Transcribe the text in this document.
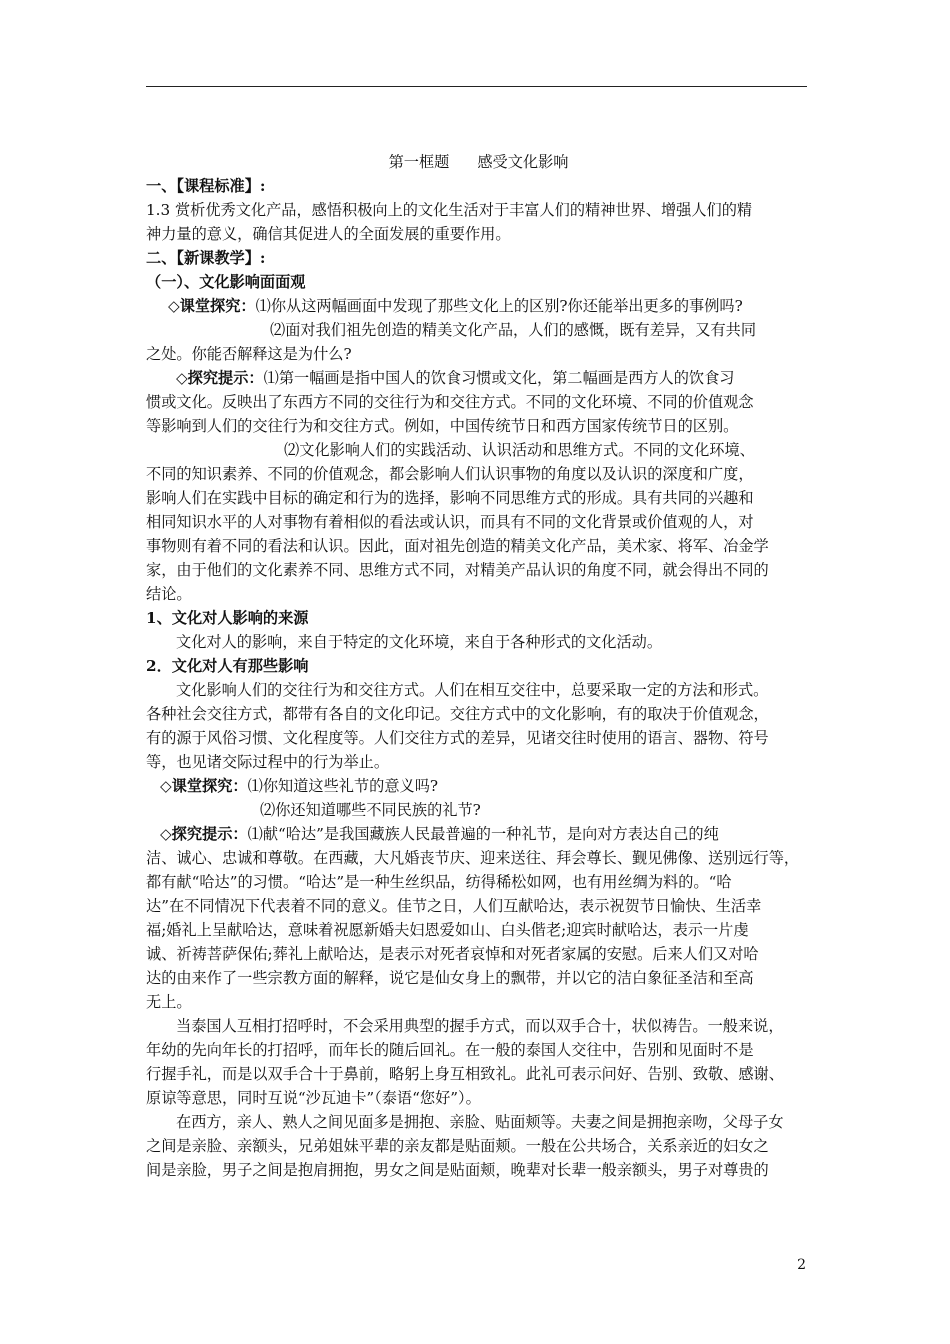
第一框题 感受文化影响
一、【课程标准】:
1.3 赏析优秀文化产品，感悟积极向上的文化生活对于丰富人们的精神世界、增强人们的精
神力量的意义，确信其促进人的全面发展的重要作用。
二、【新课教学】:
（一）、文化影响面面观
◇课堂探究：⑴你从这两幅画面中发现了那些文化上的区别?你还能举出更多的事例吗?
⑵面对我们祖先创造的精美文化产品，人们的感慨，既有差异，又有共同
之处。你能否解释这是为什么?
◇探究提示：⑴第一幅画是指中国人的饮食习惯或文化，第二幅画是西方人的饮食习
惯或文化。反映出了东西方不同的交往行为和交往方式。不同的文化环境、不同的价值观念
等影响到人们的交往行为和交往方式。例如，中国传统节日和西方国家传统节日的区别。
⑵文化影响人们的实践活动、认识活动和思维方式。不同的文化环境、
不同的知识素养、不同的价值观念，都会影响人们认识事物的角度以及认识的深度和广度，
影响人们在实践中目标的确定和行为的选择，影响不同思维方式的形成。具有共同的兴趣和
相同知识水平的人对事物有着相似的看法或认识，而具有不同的文化背景或价值观的人，对
事物则有着不同的看法和认识。因此，面对祖先创造的精美文化产品，美术家、将军、冶金学
家，由于他们的文化素养不同、思维方式不同，对精美产品认识的角度不同，就会得出不同的
结论。
1、文化对人影响的来源
文化对人的影响，来自于特定的文化环境，来自于各种形式的文化活动。
2．文化对人有那些影响
文化影响人们的交往行为和交往方式。人们在相互交往中，总要采取一定的方法和形式。
各种社会交往方式，都带有各自的文化印记。交往方式中的文化影响，有的取决于价值观念，
有的源于风俗习惯、文化程度等。人们交往方式的差异，见诸交往时使用的语言、器物、符号
等，也见诸交际过程中的行为举止。
◇课堂探究：⑴你知道这些礼节的意义吗?
⑵你还知道哪些不同民族的礼节?
◇探究提示：⑴献“哈达”是我国藏族人民最普遍的一种礼节，是向对方表达自己的纯
洁、诚心、忠诚和尊敬。在西藏，大凡婚丧节庆、迎来送往、拜会尊长、觐见佛像、送别远行等，
都有献“哈达”的习惯。“哈达”是一种生丝织品，纺得稀松如网，也有用丝绸为料的。“哈
达”在不同情况下代表着不同的意义。佳节之日，人们互献哈达，表示祝贺节日愉快、生活幸
福;婚礼上呈献哈达，意味着祝愿新婚夫妇恩爱如山、白头偕老;迎宾时献哈达，表示一片虔
诚、祈祷菩萨保佑;葬礼上献哈达，是表示对死者哀悼和对死者家属的安慰。后来人们又对哈
达的由来作了一些宗教方面的解释，说它是仙女身上的飘带，并以它的洁白象征圣洁和至高
无上。
当泰国人互相打招呼时，不会采用典型的握手方式，而以双手合十，状似祷告。一般来说，
年幼的先向年长的打招呼，而年长的随后回礼。在一般的泰国人交往中，告别和见面时不是
行握手礼，而是以双手合十于鼻前，略躬上身互相致礼。此礼可表示问好、告别、致敬、感谢、
原谅等意思，同时互说“沙瓦迪卡”（泰语“您好”）。
在西方，亲人、熟人之间见面多是拥抱、亲脸、贴面颊等。夫妻之间是拥抱亲吻，父母子女
之间是亲脸、亲额头，兄弟姐妹平辈的亲友都是贴面颊。一般在公共场合，关系亲近的妇女之
间是亲脸，男子之间是抱肩拥抱，男女之间是贴面颊，晚辈对长辈一般亲额头，男子对尊贵的
2
